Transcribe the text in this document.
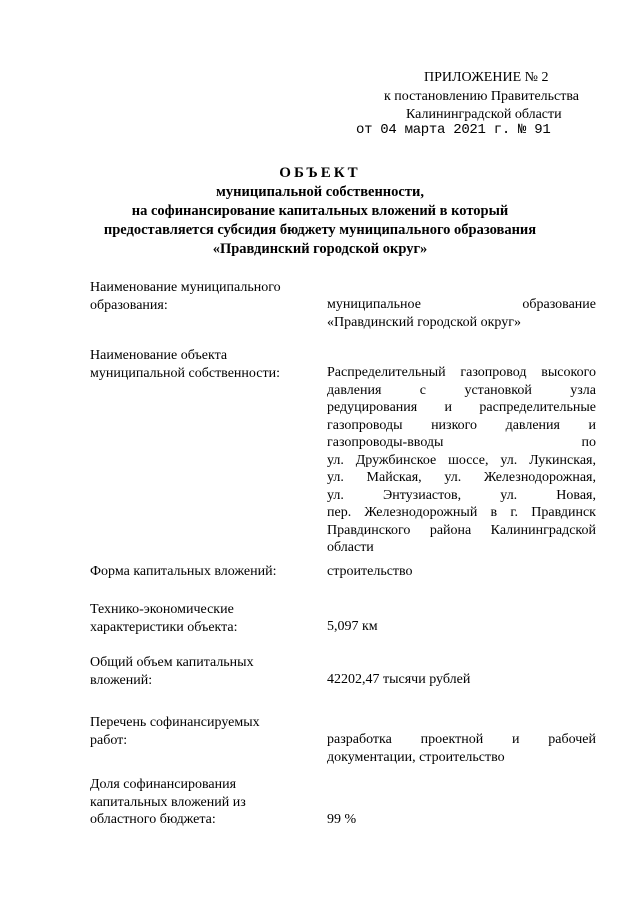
ПРИЛОЖЕНИЕ № 2
к постановлению Правительства
Калининградской области
от 04 марта 2021 г. № 91
ОБЪЕКТ
муниципальной собственности,
на софинансирование капитальных вложений в который
предоставляется субсидия бюджету муниципального образования
«Правдинский городской округ»
Наименование муниципального
образования:	муниципальное образование
«Правдинский городской округ»
Наименование объекта
муниципальной собственности:	Распределительный газопровод высокого
давления с установкой узла
редуцирования и распределительные
газопроводы низкого давления и
газопроводы-вводы по
ул. Дружбинское шоссе, ул. Лукинская,
ул. Майская, ул. Железнодорожная,
ул. Энтузиастов, ул. Новая,
пер. Железнодорожный в г. Правдинск
Правдинского района Калининградской
области
Форма капитальных вложений:	строительство
Технико-экономические
характеристики объекта:	5,097 км
Общий объем капитальных
вложений:	42202,47 тысячи рублей
Перечень софинансируемых
работ:	разработка проектной и рабочей
документации, строительство
Доля софинансирования
капитальных вложений из
областного бюджета:	99 %
